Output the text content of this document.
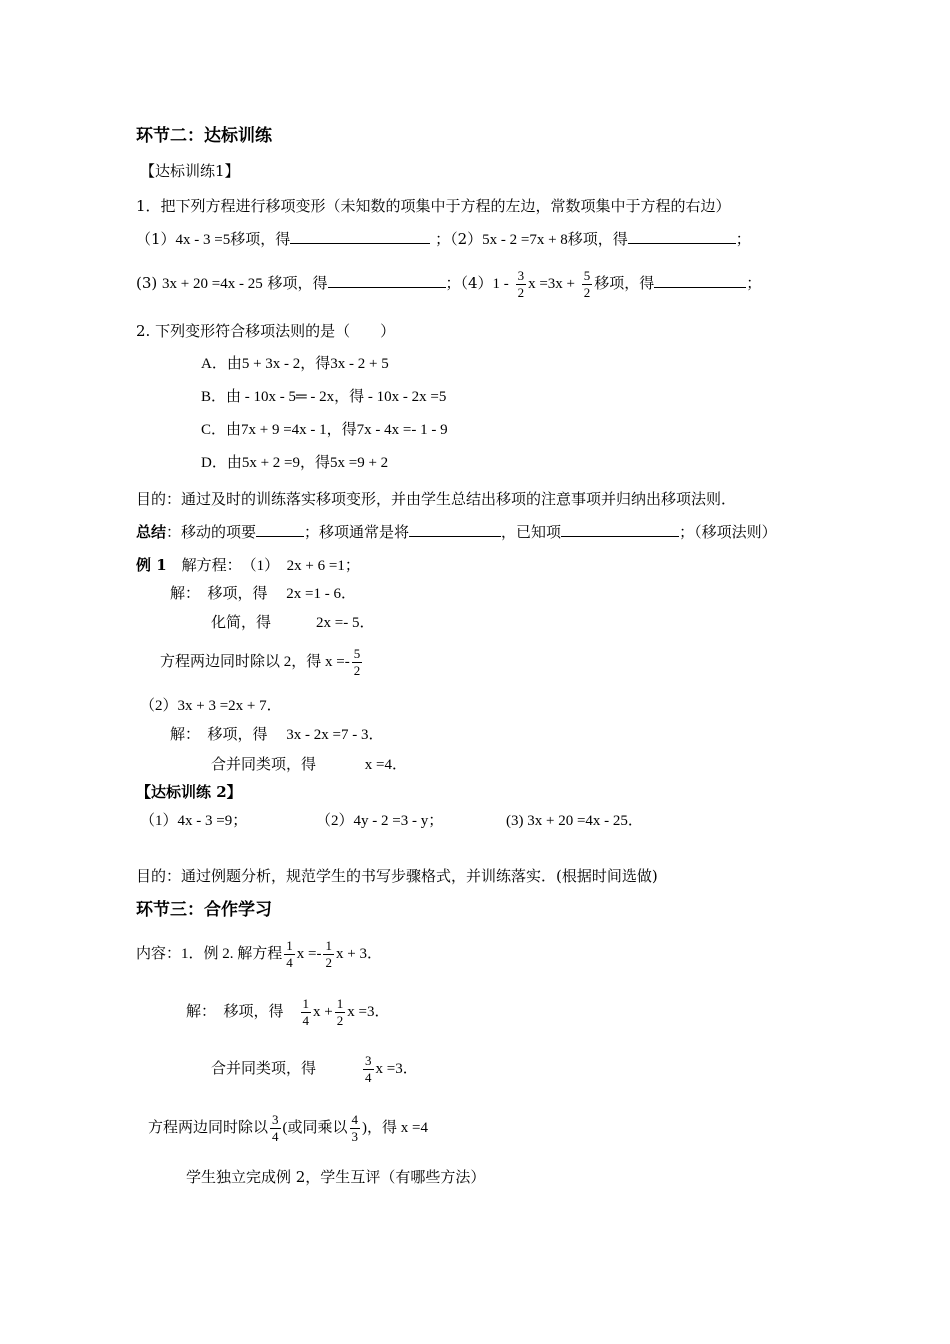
环节二：达标训练
【达标训练1】
1．把下列方程进行移项变形（未知数的项集中于方程的左边，常数项集中于方程的右边）
（1）4x - 3 =5移项，得	；（2）5x - 2 =7x + 8移项，得	；
(3) 3x + 20 =4x - 25 移项，得	；$(4)1 - \frac{3}{2}$ $x =3x + \frac{5}{2}$ 移项，得	；
2. 下列变形符合移项法则的是（　　）
A．由5 + 3x - 2，得3x - 2 + 5
B．由 - 10x - 5═ - 2x，得 - 10x - 2x =5
C．由7x + 9 =4x - 1，得7x - 4x =- 1 - 9
D．由5x + 2 =9，得5x =9 + 2
目的：通过及时的训练落实移项变形，并由学生总结出移项的注意事项并归纳出移项法则．
总结：移动的项要	；移项通常是将	，已知项	；（移项法则）
例 1　解方程：　（1）　2x + 6 =1；
解：　移项，得　 2x =1 - 6．
化简，得　　　2x =- 5．
方程两边同时除以 2，得 $x =- \frac{5}{2}$
（2）3x + 3 =2x + 7．
解：　移项，得　 3x - 2x =7 - 3．
合并同类项，得　　　 x =4．
【达标训练 2】
（1）4x - 3 =9；	（2）4y - 2 =3 - y；	(3) 3x + 20 =4x - 25．
目的：通过例题分析，规范学生的书写步骤格式，并训练落实．(根据时间选做)
环节三：合作学习
内容：1．例 2. 解方程 $\frac{1}{4}$ $x =- \frac{1}{2}$ x + 3．
解：　移项，得  $\frac{1}{4}$ $x + \frac{1}{2}$ x =3．
合并同类项，得   	$\frac{3}{4}$ x =3．
方程两边同时除以 $\frac{3}{4}$ (或同乘以 $\frac{4}{3}$ )，得 x =4
学生独立完成例 2，学生互评（有哪些方法）
